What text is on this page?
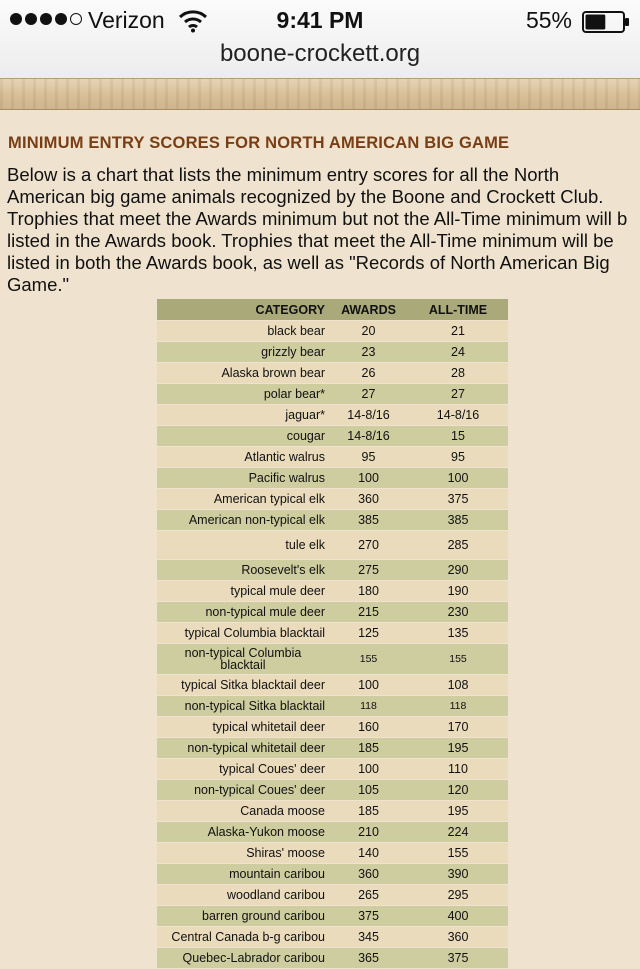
Verizon	9:41 PM	55%
boone-crockett.org
MINIMUM ENTRY SCORES FOR NORTH AMERICAN BIG GAME

Below is a chart that lists the minimum entry scores for all the North
American big game animals recognized by the Boone and Crockett Club.
Trophies that meet the Awards minimum but not the All-Time minimum will b
listed in the Awards book. Trophies that meet the All-Time minimum will be
listed in both the Awards book, as well as "Records of North American Big
Game."

CATEGORY	AWARDS	ALL-TIME
black bear	20	21
grizzly bear	23	24
Alaska brown bear	26	28
polar bear*	27	27
jaguar*	14-8/16	14-8/16
cougar	14-8/16	15
Atlantic walrus	95	95
Pacific walrus	100	100
American typical elk	360	375
American non-typical elk	385	385
tule elk	270	285
Roosevelt's elk	275	290
typical mule deer	180	190
non-typical mule deer	215	230
typical Columbia blacktail	125	135

non-typical Columbia blacktail	155	155
typical Sitka blacktail deer	100	108
non-typical Sitka blacktail	118	118
typical whitetail deer	160	170
non-typical whitetail deer	185	195
typical Coues' deer	100	110
non-typical Coues' deer	105	120
Canada moose	185	195
Alaska-Yukon moose	210	224
Shiras' moose	140	155
mountain caribou	360	390
woodland caribou	265	295
barren ground caribou	375	400
Central Canada b-g caribou	345	360
Quebec-Labrador caribou	365	375
